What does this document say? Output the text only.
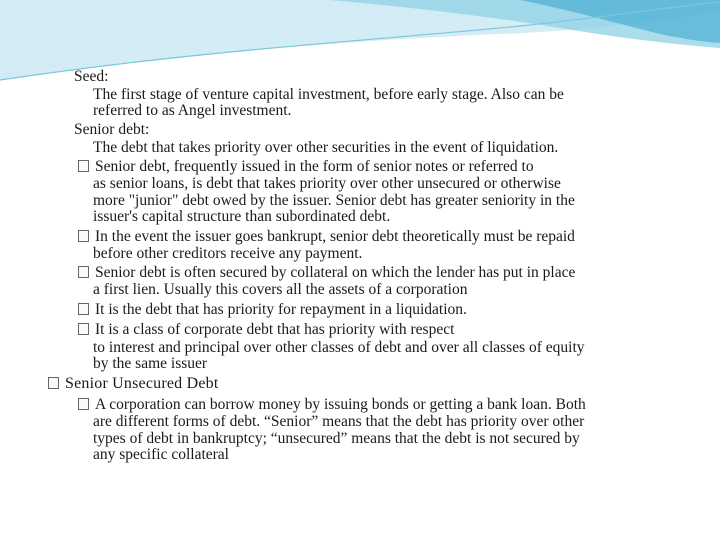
Seed:
The first stage of venture capital investment, before early stage. Also can be
referred to as Angel investment.
Senior debt:
The debt that takes priority over other securities in the event of liquidation.
Senior debt, frequently issued in the form of senior notes or referred to
as senior loans, is debt that takes priority over other unsecured or otherwise
more "junior" debt owed by the issuer. Senior debt has greater seniority in the
issuer's capital structure than subordinated debt.
In the event the issuer goes bankrupt, senior debt theoretically must be repaid
before other creditors receive any payment.
Senior debt is often secured by collateral on which the lender has put in place
a first lien. Usually this covers all the assets of a corporation
It is the debt that has priority for repayment in a liquidation.
It is a class of corporate debt that has priority with respect
to interest and principal over other classes of debt and over all classes of equity
by the same issuer
Senior Unsecured Debt
A corporation can borrow money by issuing bonds or getting a bank loan. Both
are different forms of debt. “Senior” means that the debt has priority over other
types of debt in bankruptcy; “unsecured” means that the debt is not secured by
any specific collateral
